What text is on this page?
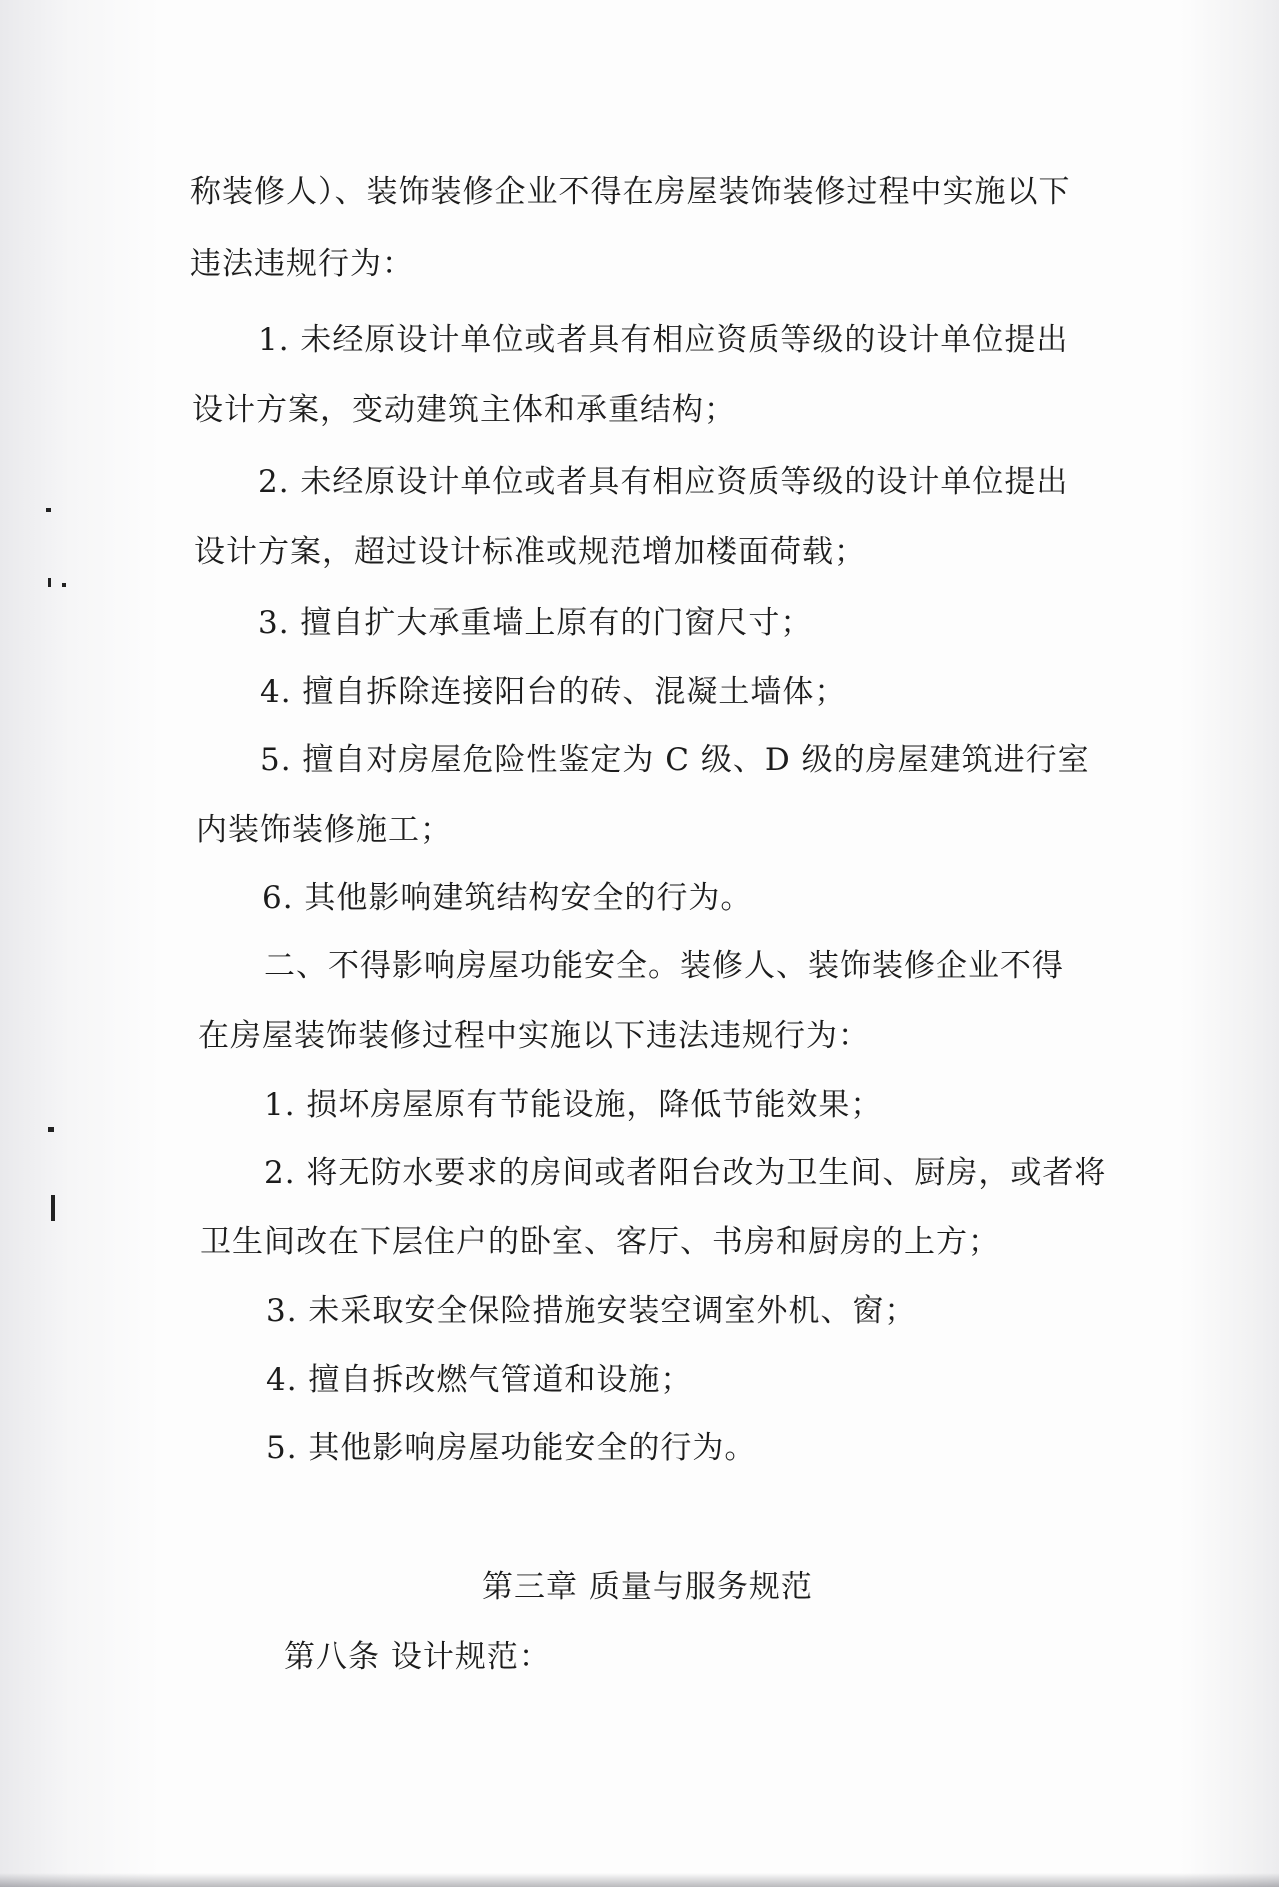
称装修人）、装饰装修企业不得在房屋装饰装修过程中实施以下
违法违规行为：
1. 未经原设计单位或者具有相应资质等级的设计单位提出
设计方案，变动建筑主体和承重结构；
2. 未经原设计单位或者具有相应资质等级的设计单位提出
设计方案，超过设计标准或规范增加楼面荷载；
3. 擅自扩大承重墙上原有的门窗尺寸；
4. 擅自拆除连接阳台的砖、混凝土墙体；
5. 擅自对房屋危险性鉴定为 C 级、D 级的房屋建筑进行室
内装饰装修施工；
6. 其他影响建筑结构安全的行为。
二、不得影响房屋功能安全。装修人、装饰装修企业不得
在房屋装饰装修过程中实施以下违法违规行为：
1. 损坏房屋原有节能设施，降低节能效果；
2. 将无防水要求的房间或者阳台改为卫生间、厨房，或者将
卫生间改在下层住户的卧室、客厅、书房和厨房的上方；
3. 未采取安全保险措施安装空调室外机、窗；
4. 擅自拆改燃气管道和设施；
5. 其他影响房屋功能安全的行为。
第三章 质量与服务规范
第八条 设计规范：
